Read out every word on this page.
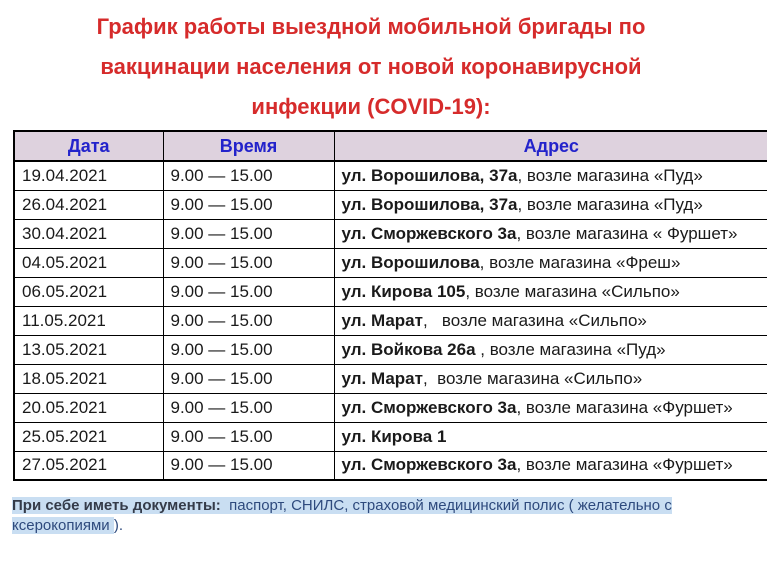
График работы выездной мобильной бригады по
вакцинации населения от новой коронавирусной
инфекции (COVID-19):
Дата	Время	Адрес
19.04.2021	9.00 — 15.00	ул. Ворошилова, 37а, возле магазина «Пуд»
26.04.2021	9.00 — 15.00	ул. Ворошилова, 37а, возле магазина «Пуд»
30.04.2021	9.00 — 15.00	ул. Сморжевского 3а, возле магазина « Фуршет»
04.05.2021	9.00 — 15.00	ул. Ворошилова, возле магазина «Фреш»
06.05.2021	9.00 — 15.00	ул. Кирова 105, возле магазина «Сильпо»
11.05.2021	9.00 — 15.00	ул. Марат,   возле магазина «Сильпо»
13.05.2021	9.00 — 15.00	ул. Войкова 26а , возле магазина «Пуд»
18.05.2021	9.00 — 15.00	ул. Марат,  возле магазина «Сильпо»
20.05.2021	9.00 — 15.00	ул. Сморжевского 3а, возле магазина «Фуршет»
25.05.2021	9.00 — 15.00	ул. Кирова 1
27.05.2021	9.00 — 15.00	ул. Сморжевского 3а, возле магазина «Фуршет»
При себе иметь документы:  паспорт, СНИЛС, страховой медицинский полис ( желательно с
ксерокопиями ).
